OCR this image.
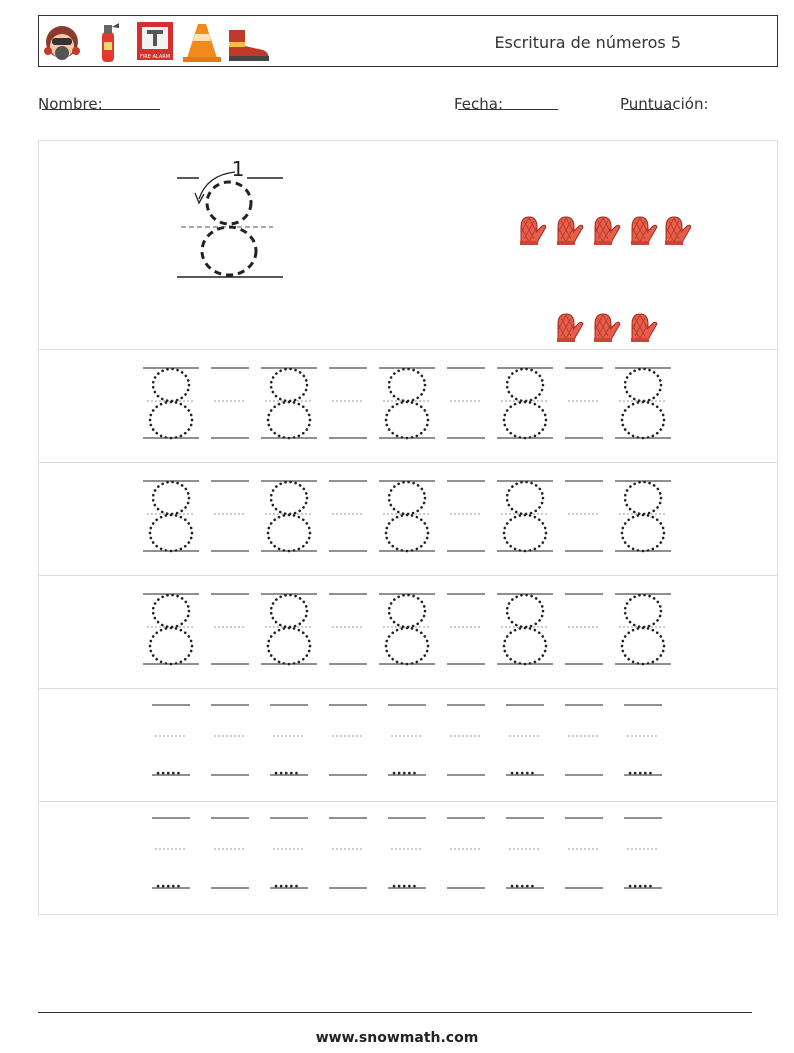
FIRE ALARM
Escritura de números 5
Nombre:	Fecha:	Puntuación:
1
www.snowmath.com
